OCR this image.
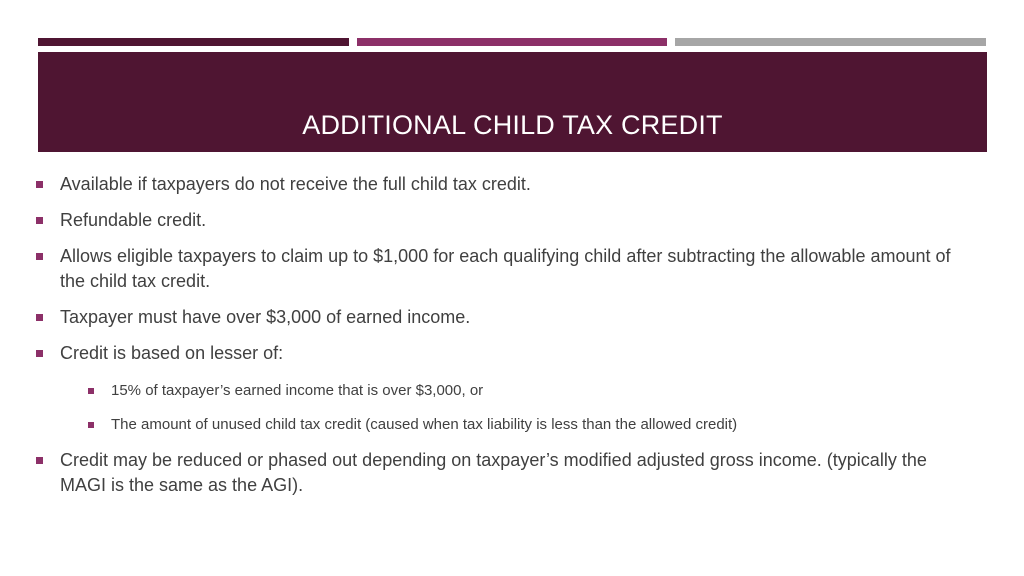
ADDITIONAL CHILD TAX CREDIT
Available if taxpayers do not receive the full child tax credit.
Refundable credit.
Allows eligible taxpayers to claim up to $1,000 for each qualifying child after subtracting the allowable amount of the child tax credit.
Taxpayer must have over $3,000 of earned income.
Credit is based on lesser of:
15% of taxpayer’s earned income that is over $3,000, or
The amount of unused child tax credit (caused when tax liability is less than the allowed credit)
Credit may be reduced or phased out depending on taxpayer’s modified adjusted gross income. (typically the MAGI is the same as the AGI).
